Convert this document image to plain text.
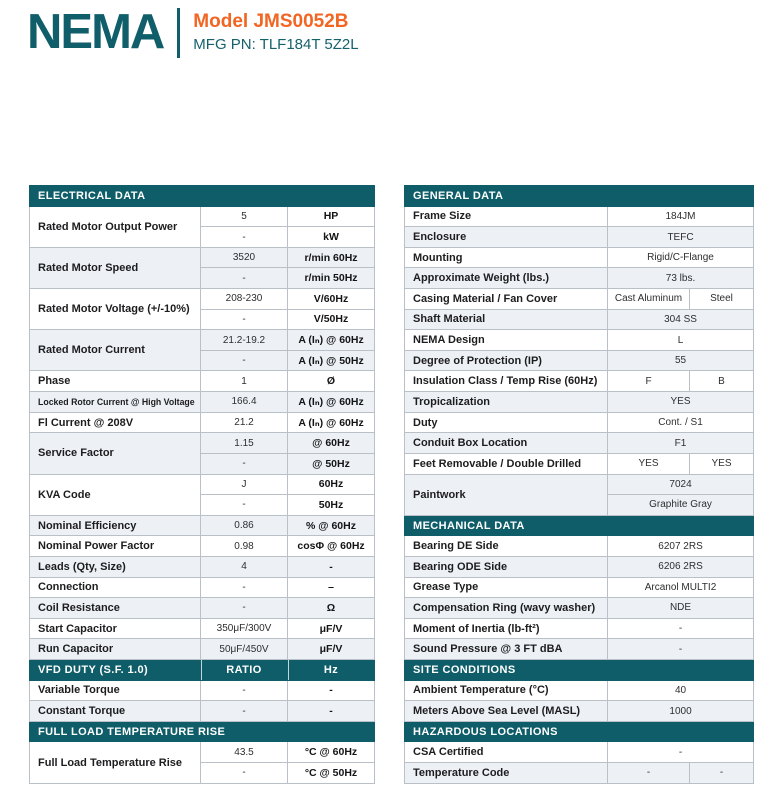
NEMA Model JMS0052B
MFG PN: TLF184T 5Z2L
ELECTRICAL DATA		
Rated Motor Output Power	5	HP
	-	kW
Rated Motor Speed	3520	r/min 60Hz
	-	r/min 50Hz
Rated Motor Voltage (+/-10%)	208-230	V/60Hz
	-	V/50Hz
Rated Motor Current	21.2-19.2	A (Iₙ) @ 60Hz
	-	A (Iₙ) @ 50Hz
Phase	1	Ø
Locked Rotor Current @ High Voltage	166.4	A (Iₙ) @ 60Hz
Fl Current @ 208V	21.2	A (Iₙ) @ 60Hz
Service Factor	1.15	@ 60Hz
	-	@ 50Hz
KVA Code	J	60Hz
	-	50Hz
Nominal Efficiency	0.86	% @ 60Hz
Nominal Power Factor	0.98	cosΦ @ 60Hz
Leads (Qty, Size)	4	-
Connection	-	–
Coil Resistance	-	Ω
Start Capacitor	350μF/300V	μF/V
Run Capacitor	50μF/450V	μF/V
VFD DUTY (S.F. 1.0)	RATIO	Hz
Variable Torque	-	-
Constant Torque	-	-
FULL LOAD TEMPERATURE RISE		
Full Load Temperature Rise	43.5	°C @ 60Hz
	-	°C @ 50Hz
GENERAL DATA		
Frame Size	184JM	
Enclosure	TEFC	
Mounting	Rigid/C-Flange	
Approximate Weight (lbs.)	73 lbs.	
Casing Material / Fan Cover	Cast Aluminum	Steel
Shaft Material	304 SS	
NEMA Design	L	
Degree of Protection (IP)	55	
Insulation Class / Temp Rise (60Hz)	F	B
Tropicalization	YES	
Duty	Cont. / S1	
Conduit Box Location	F1	
Feet Removable / Double Drilled	YES	YES
Paintwork	7024	
	Graphite Gray	
MECHANICAL DATA		
Bearing DE Side	6207 2RS	
Bearing ODE Side	6206 2RS	
Grease Type	Arcanol MULTI2	
Compensation Ring (wavy washer)	NDE	
Moment of Inertia (lb-ft²)	-	
Sound Pressure @ 3 FT dBA	-	
SITE CONDITIONS		
Ambient Temperature (°C)	40	
Meters Above Sea Level (MASL)	1000	
HAZARDOUS LOCATIONS		
CSA Certified	-	
Temperature Code	-	-
